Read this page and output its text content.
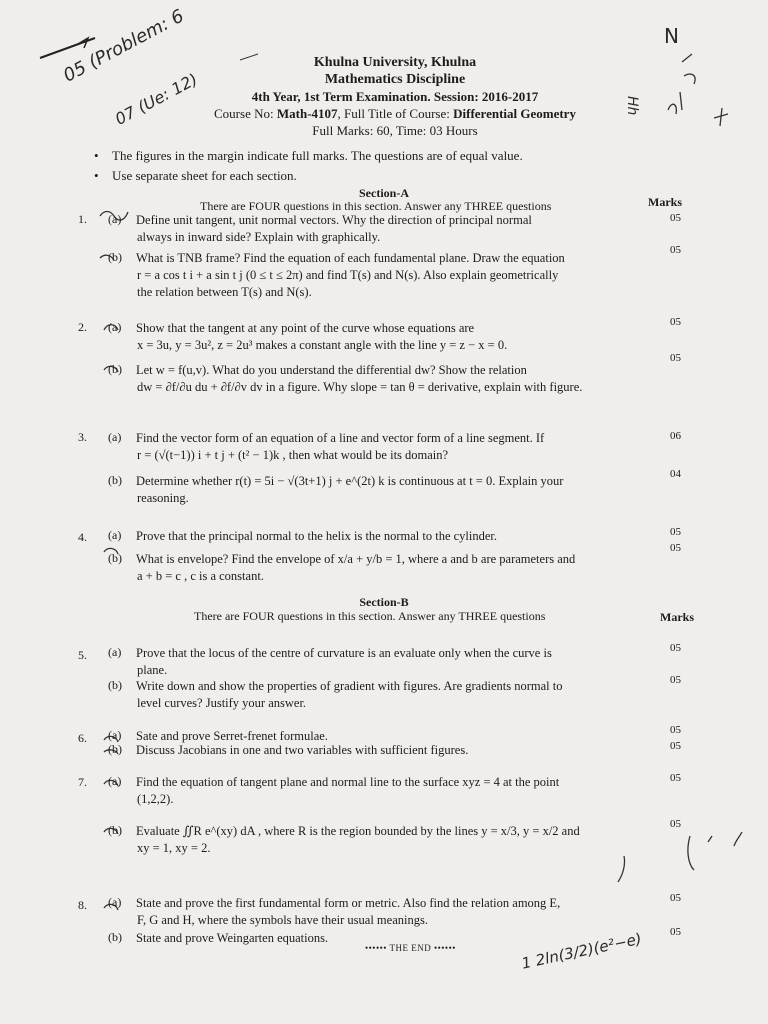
05 (Problem: 6
07 (Ue: 12)
N
Hh
1 2ln(3/2)(e²−e)
Khulna University, Khulna
Mathematics Discipline
4th Year, 1st Term Examination. Session: 2016-2017
Course No: Math-4107, Full Title of Course: Differential Geometry
Full Marks: 60, Time: 03 Hours
• The figures in the margin indicate full marks. The questions are of equal value.
• Use separate sheet for each section.
Section-A
There are FOUR questions in this section. Answer any THREE questions	Marks
Section-B
There are FOUR questions in this section. Answer any THREE questions	Marks
1. (a) Define unit tangent, unit normal vectors. Why the direction of principal normal
always in inward side? Explain with graphically.
05
(b) What is TNB frame? Find the equation of each fundamental plane. Draw the equation
r = a cos t i + a sin t j (0 ≤ t ≤ 2π) and find T(s) and N(s). Also explain geometrically
the relation between T(s) and N(s).
05
2. (a) Show that the tangent at any point of the curve whose equations are
x = 3u, y = 3u², z = 2u³ makes a constant angle with the line y = z − x = 0.
05
(b) Let w = f(u,v). What do you understand the differential dw? Show the relation
dw = ∂f/∂u du + ∂f/∂v dv in a figure. Why slope = tan θ = derivative, explain with figure.
05
3. (a) Find the vector form of an equation of a line and vector form of a line segment. If
r = (√(t−1)) i + t j + (t² − 1)k , then what would be its domain?
06
(b) Determine whether r(t) = 5i − √(3t+1) j + e^(2t) k is continuous at t = 0. Explain your
reasoning.
04
4. (a) Prove that the principal normal to the helix is the normal to the cylinder.	05
(b) What is envelope? Find the envelope of x/a + y/b = 1, where a and b are parameters and
a + b = c , c is a constant.
05
5. (a) Prove that the locus of the centre of curvature is an evaluate only when the curve is
plane.
05
(b) Write down and show the properties of gradient with figures. Are gradients normal to
level curves? Justify your answer.
05
6. (a) Sate and prove Serret-frenet formulae.	05
(b) Discuss Jacobians in one and two variables with sufficient figures.	05
7. (a) Find the equation of tangent plane and normal line to the surface xyz = 4 at the point
(1,2,2).
05
(b) Evaluate ∬R e^(xy) dA , where R is the region bounded by the lines y = x/3, y = x/2 and
xy = 1, xy = 2.
05
8. (a) State and prove the first fundamental form or metric. Also find the relation among E,
F, G and H, where the symbols have their usual meanings.
05
(b) State and prove Weingarten equations.	05
•••••• THE END ••••••
